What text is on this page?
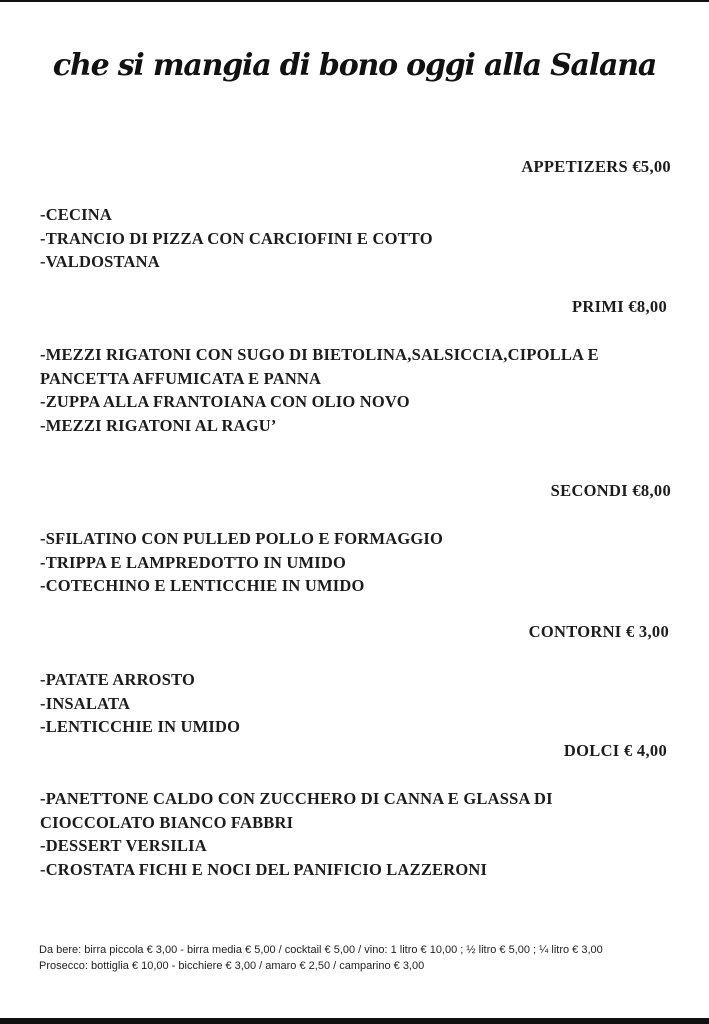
che si mangia di bono oggi alla Salana
APPETIZERS €5,00
-CECINA
-TRANCIO DI PIZZA CON CARCIOFINI E COTTO
-VALDOSTANA
PRIMI €8,00
-MEZZI RIGATONI CON SUGO DI BIETOLINA,SALSICCIA,CIPOLLA E
PANCETTA AFFUMICATA E PANNA
-ZUPPA ALLA FRANTOIANA CON OLIO NOVO
-MEZZI RIGATONI AL RAGU’
SECONDI €8,00
-SFILATINO CON PULLED POLLO E FORMAGGIO
-TRIPPA E LAMPREDOTTO IN UMIDO
-COTECHINO E LENTICCHIE IN UMIDO
CONTORNI € 3,00
-PATATE ARROSTO
-INSALATA
-LENTICCHIE IN UMIDO
DOLCI € 4,00
-PANETTONE CALDO CON ZUCCHERO DI CANNA E GLASSA DI
CIOCCOLATO BIANCO FABBRI
-DESSERT VERSILIA
-CROSTATA FICHI E NOCI DEL PANIFICIO LAZZERONI
Da bere: birra piccola € 3,00 - birra media € 5,00 / cocktail € 5,00 / vino: 1 litro € 10,00 ; ½ litro € 5,00 ; ¼ litro € 3,00
Prosecco: bottiglia € 10,00 - bicchiere € 3,00 / amaro € 2,50 / camparino € 3,00
